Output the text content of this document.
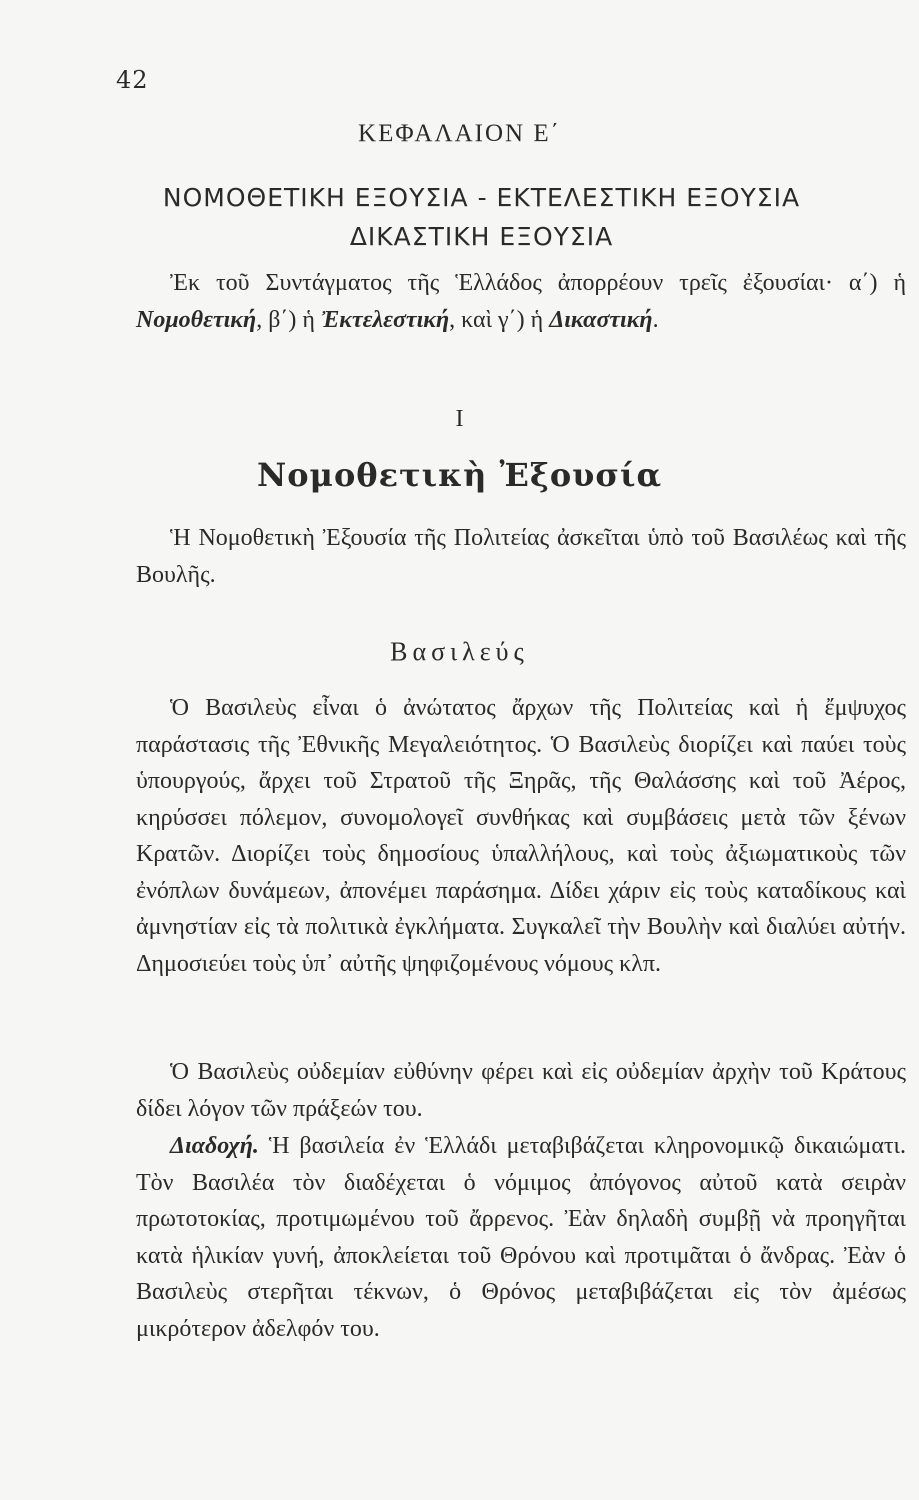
42
ΚΕΦΑΛΑΙΟΝ Ε΄
ΝΟΜΟΘΕΤΙΚΗ ΕΞΟΥΣΙΑ - ΕΚΤΕΛΕΣΤΙΚΗ ΕΞΟΥΣΙΑ
ΔΙΚΑΣΤΙΚΗ ΕΞΟΥΣΙΑ

Ἐκ τοῦ Συντάγματος τῆς Ἑλλάδος ἀπορρέουν τρεῖς ἐξουσίαι· α΄) ἡ Νομοθετική, β΄) ἡ Ἐκτελεστική, καὶ γ΄) ἡ Δικαστική.

I
Νομοθετικὴ Ἐξουσία

Ἡ Νομοθετικὴ Ἐξουσία τῆς Πολιτείας ἀσκεῖται ὑπὸ τοῦ Βασιλέως καὶ τῆς Βουλῆς.

Βασιλεύς

Ὁ Βασιλεὺς εἶναι ὁ ἀνώτατος ἄρχων τῆς Πολιτείας καὶ ἡ ἔμψυχος παράστασις τῆς Ἐθνικῆς Μεγαλειότητος. Ὁ Βασιλεὺς διορίζει καὶ παύει τοὺς ὑπουργούς, ἄρχει τοῦ Στρατοῦ τῆς Ξηρᾶς, τῆς Θαλάσσης καὶ τοῦ Ἀέρος, κηρύσσει πόλεμον, συνομολογεῖ συνθήκας καὶ συμβάσεις μετὰ τῶν ξένων Κρατῶν. Διορίζει τοὺς δημοσίους ὑπαλλήλους, καὶ τοὺς ἀξιωματικοὺς τῶν ἐνόπλων δυνάμεων, ἀπονέμει παράσημα. Δίδει χάριν εἰς τοὺς καταδίκους καὶ ἀμνηστίαν εἰς τὰ πολιτικὰ ἐγκλήματα. Συγκαλεῖ τὴν Βουλὴν καὶ διαλύει αὐτήν. Δημοσιεύει τοὺς ὑπ᾽ αὐτῆς ψηφιζομένους νόμους κλπ.

Ὁ Βασιλεὺς οὐδεμίαν εὐθύνην φέρει καὶ εἰς οὐδεμίαν ἀρχὴν τοῦ Κράτους δίδει λόγον τῶν πράξεών του.

Διαδοχή. Ἡ βασιλεία ἐν Ἑλλάδι μεταβιβάζεται κληρονομικῷ δικαιώματι. Τὸν Βασιλέα τὸν διαδέχεται ὁ νόμιμος ἀπόγονος αὐτοῦ κατὰ σειρὰν πρωτοτοκίας, προτιμωμένου τοῦ ἄρρενος. Ἐὰν δηλαδὴ συμβῇ νὰ προηγῆται κατὰ ἡλικίαν γυνή, ἀποκλείεται τοῦ Θρόνου καὶ προτιμᾶται ὁ ἄνδρας. Ἐὰν ὁ Βασιλεὺς στερῆται τέκνων, ὁ Θρόνος μεταβιβάζεται εἰς τὸν ἀμέσως μικρότερον ἀδελφόν του.
